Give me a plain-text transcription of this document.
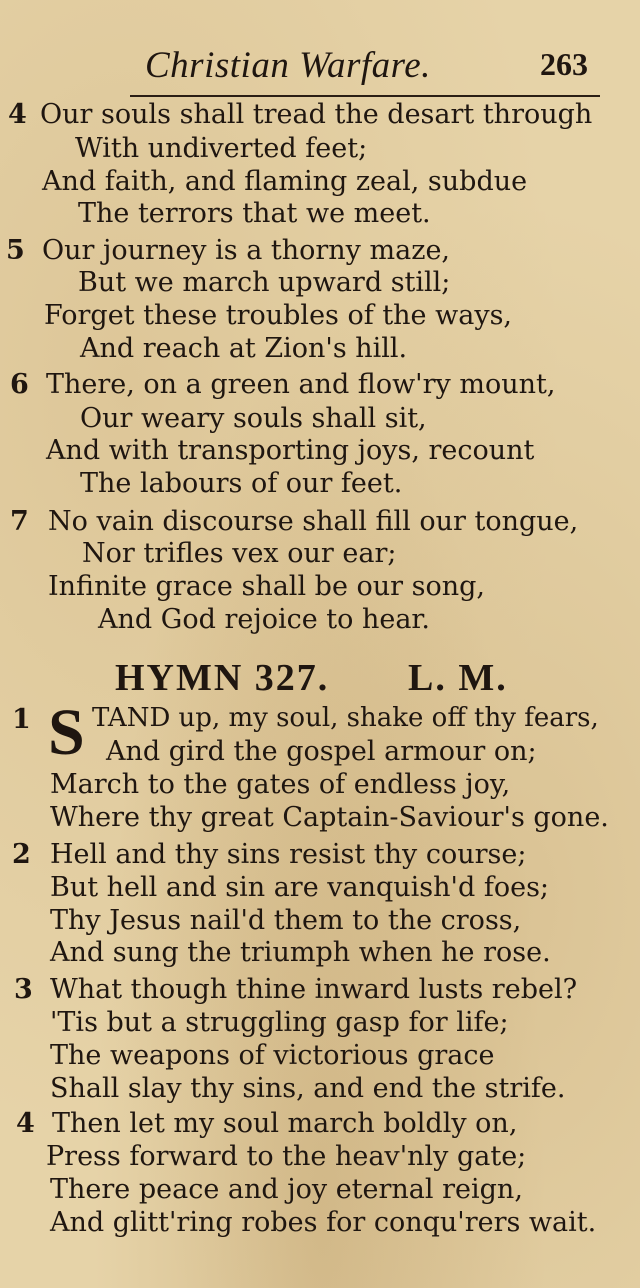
Christian Warfare.	263
4 Our souls shall tread the desart through
With undiverted feet;
And faith, and flaming zeal, subdue
The terrors that we meet.
5 Our journey is a thorny maze,
But we march upward still;
Forget these troubles of the ways,
And reach at Zion's hill.
6 There, on a green and flow'ry mount,
Our weary souls shall sit,
And with transporting joys, recount
The labours of our feet.
7 No vain discourse shall fill our tongue,
Nor trifles vex our ear;
Infinite grace shall be our song,
And God rejoice to hear.
HYMN 327. L. M.
1 S TAND up, my soul, shake off thy fears,
And gird the gospel armour on;
March to the gates of endless joy,
Where thy great Captain-Saviour's gone.
2 Hell and thy sins resist thy course;
But hell and sin are vanquish'd foes;
Thy Jesus nail'd them to the cross,
And sung the triumph when he rose.
3 What though thine inward lusts rebel?
'Tis but a struggling gasp for life;
The weapons of victorious grace
Shall slay thy sins, and end the strife.
4 Then let my soul march boldly on,
Press forward to the heav'nly gate;
There peace and joy eternal reign,
And glitt'ring robes for conqu'rers wait.
